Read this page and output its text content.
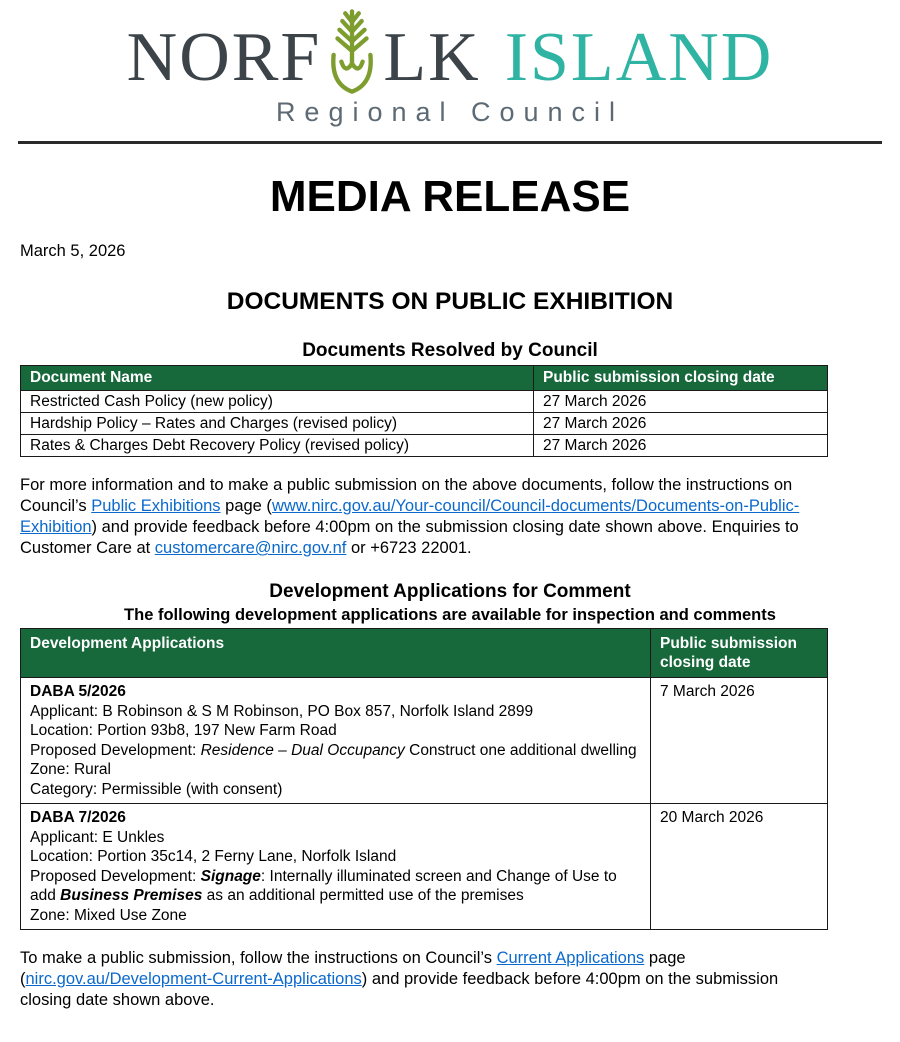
NORF LK ISLAND
Regional Council
MEDIA RELEASE
March 5, 2026
DOCUMENTS ON PUBLIC EXHIBITION
Documents Resolved by Council
Document Name	Public submission closing date
Restricted Cash Policy (new policy)	27 March 2026
Hardship Policy – Rates and Charges (revised policy)	27 March 2026
Rates & Charges Debt Recovery Policy (revised policy)	27 March 2026

For more information and to make a public submission on the above documents, follow the instructions on Council’s Public Exhibitions page (www.nirc.gov.au/Your-council/Council-documents/Documents-on-Public-Exhibition) and provide feedback before 4:00pm on the submission closing date shown above. Enquiries to Customer Care at customercare@nirc.gov.nf or +6723 22001.

Development Applications for Comment
The following development applications are available for inspection and comments
Development Applications	Public submission closing date

DABA 5/2026
Applicant: B Robinson & S M Robinson, PO Box 857, Norfolk Island 2899
Location: Portion 93b8, 197 New Farm Road
Proposed Development: Residence – Dual Occupancy Construct one additional dwelling
Zone: Rural
Category: Permissible (with consent)
	7 March 2026

DABA 7/2026
Applicant: E Unkles
Location: Portion 35c14, 2 Ferny Lane, Norfolk Island
Proposed Development: Signage: Internally illuminated screen and Change of Use to add Business Premises as an additional permitted use of the premises
Zone: Mixed Use Zone	20 March 2026

To make a public submission, follow the instructions on Council’s Current Applications page (nirc.gov.au/Development-Current-Applications) and provide feedback before 4:00pm on the submission closing date shown above.
